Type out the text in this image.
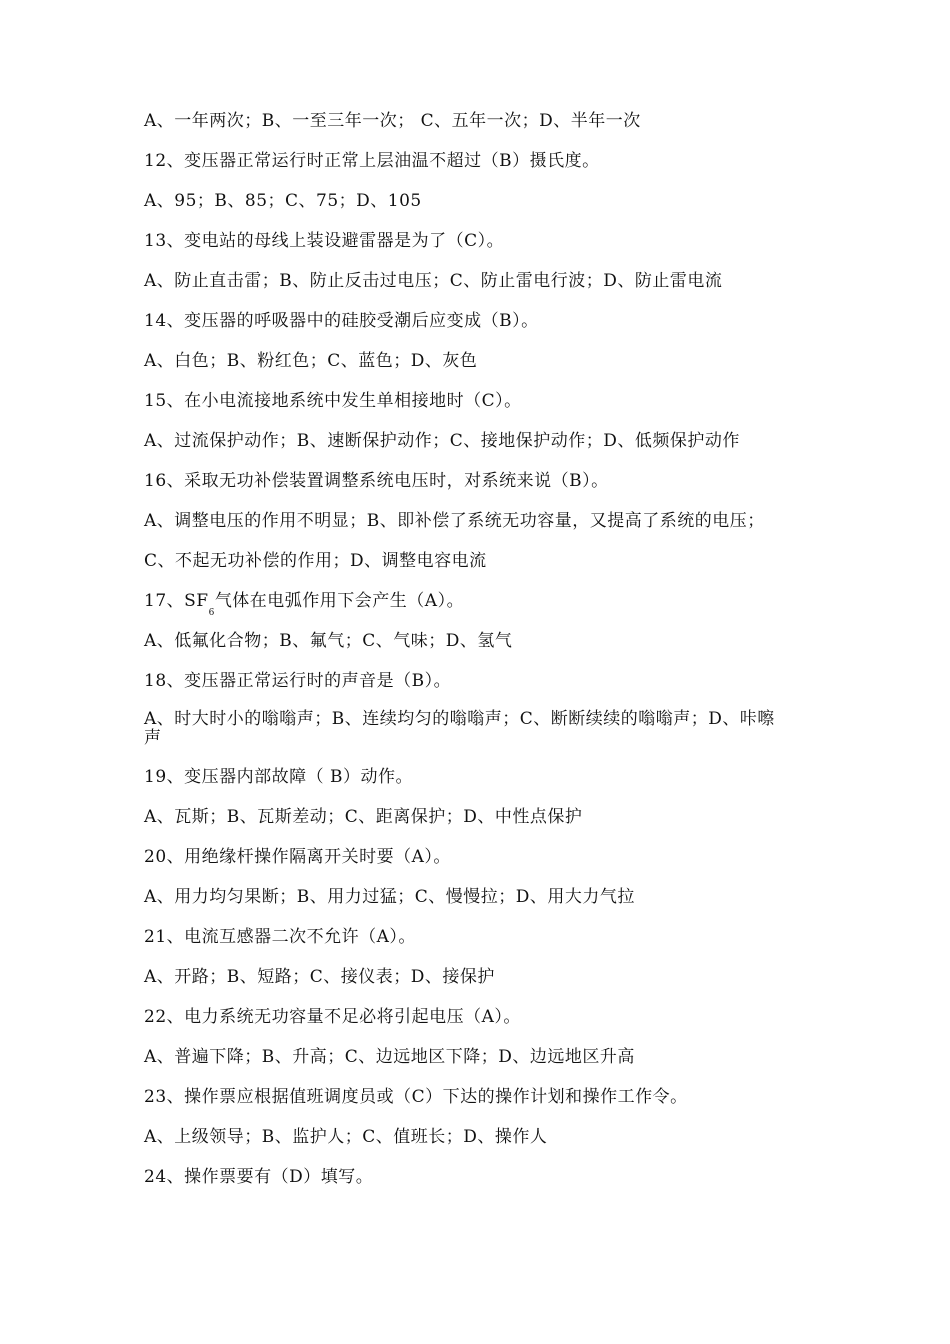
A、一年两次；B、一至三年一次； C、五年一次；D、半年一次
12、变压器正常运行时正常上层油温不超过（B）摄氏度。
A、95；B、85；C、75；D、105
13、变电站的母线上装设避雷器是为了（C）。
A、防止直击雷；B、防止反击过电压；C、防止雷电行波；D、防止雷电流
14、变压器的呼吸器中的硅胶受潮后应变成（B）。
A、白色；B、粉红色；C、蓝色；D、灰色
15、在小电流接地系统中发生单相接地时（C）。
A、过流保护动作；B、速断保护动作；C、接地保护动作；D、低频保护动作
16、采取无功补偿装置调整系统电压时，对系统来说（B）。
A、调整电压的作用不明显；B、即补偿了系统无功容量，又提高了系统的电压；
C、不起无功补偿的作用；D、调整电容电流
17、$SF_6$气体在电弧作用下会产生（A）。
A、低氟化合物；B、氟气；C、气味；D、氢气
18、变压器正常运行时的声音是（B）。
A、时大时小的嗡嗡声；B、连续均匀的嗡嗡声；C、断断续续的嗡嗡声；D、咔嚓
声
19、变压器内部故障（ B）动作。
A、瓦斯；B、瓦斯差动；C、距离保护；D、中性点保护
20、用绝缘杆操作隔离开关时要（A）。
A、用力均匀果断；B、用力过猛；C、慢慢拉；D、用大力气拉
21、电流互感器二次不允许（A）。
A、开路；B、短路；C、接仪表；D、接保护
22、电力系统无功容量不足必将引起电压（A）。
A、普遍下降；B、升高；C、边远地区下降；D、边远地区升高
23、操作票应根据值班调度员或（C）下达的操作计划和操作工作令。
A、上级领导；B、监护人；C、值班长；D、操作人
24、操作票要有（D）填写。
